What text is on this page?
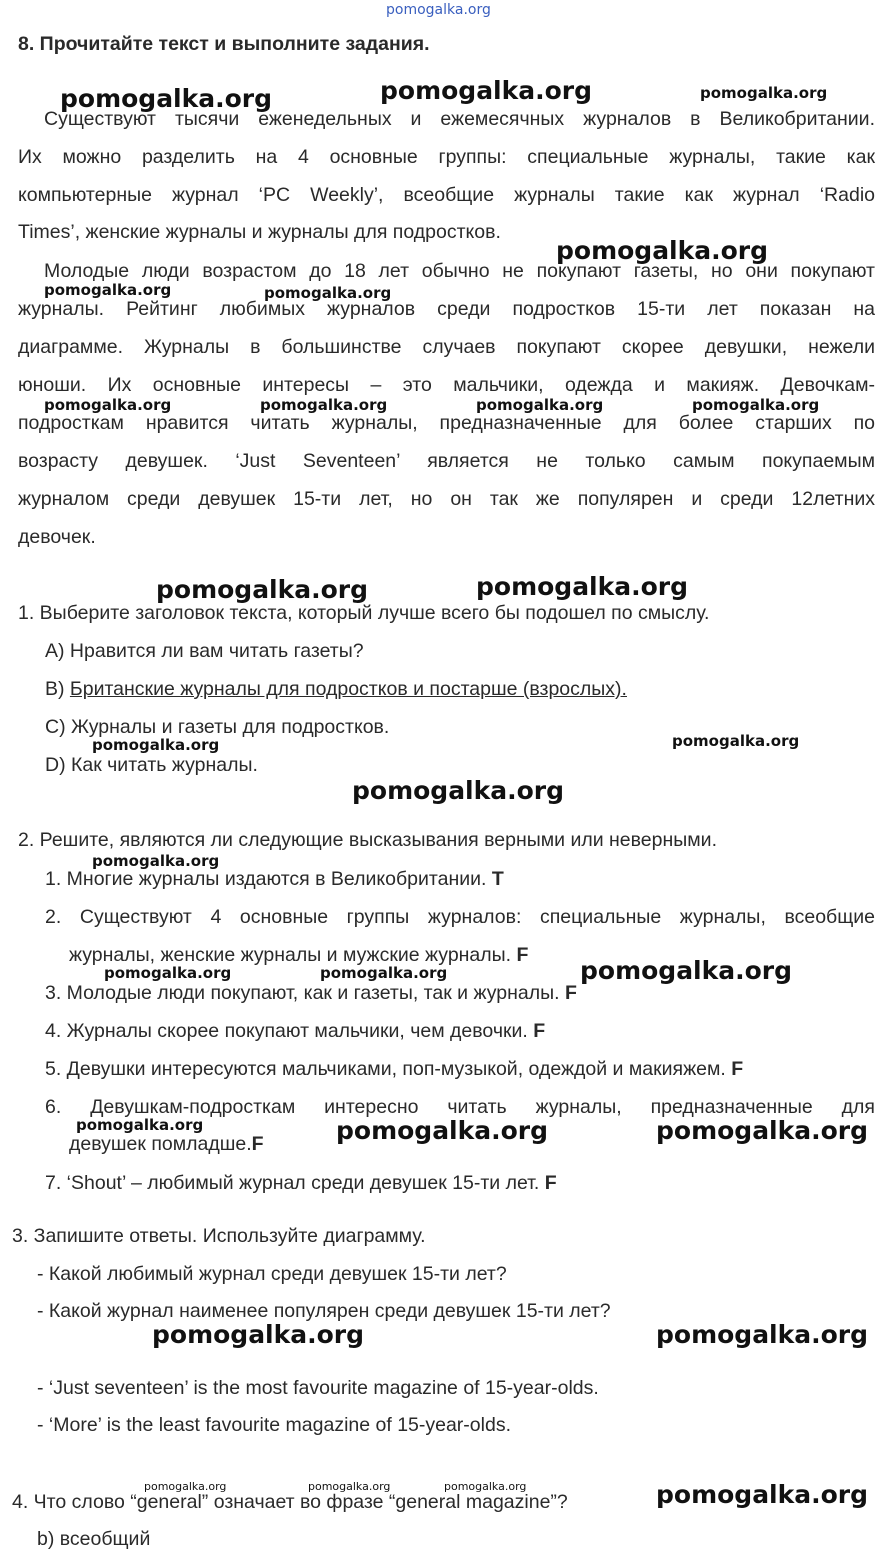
pomogalka.org
8. Прочитайте текст и выполните задания.
Существуют тысячи еженедельных и ежемесячных журналов в Великобритании.
Их можно разделить на 4 основные группы: специальные журналы, такие как
компьютерные журнал ‘PC Weekly’, всеобщие журналы такие как журнал ‘Radio
Times’, женские журналы и журналы для подростков.
Молодые люди возрастом до 18 лет обычно не покупают газеты, но они покупают
журналы. Рейтинг любимых журналов среди подростков 15-ти лет показан на
диаграмме. Журналы в большинстве случаев покупают скорее девушки, нежели
юноши. Их основные интересы – это мальчики, одежда и макияж. Девочкам-
подросткам нравится читать журналы, предназначенные для более старших по
возрасту девушек. ‘Just Seventeen’ является не только самым покупаемым
журналом среди девушек 15-ти лет, но он так же популярен и среди 12летних
девочек.
1. Выберите заголовок текста, который лучше всего бы подошел по смыслу.
A) Нравится ли вам читать газеты?
B) Британские журналы для подростков и постарше (взрослых).
C) Журналы и газеты для подростков.
D) Как читать журналы.
2. Решите, являются ли следующие высказывания верными или неверными.
1. Многие журналы издаются в Великобритании. T
2. Существуют 4 основные группы журналов: специальные журналы, всеобщие
журналы, женские журналы и мужские журналы. F
3. Молодые люди покупают, как и газеты, так и журналы. F
4. Журналы скорее покупают мальчики, чем девочки. F
5. Девушки интересуются мальчиками, поп-музыкой, одеждой и макияжем. F
6. Девушкам-подросткам интересно читать журналы, предназначенные для
девушек помладше.F
7. ‘Shout’ – любимый журнал среди девушек 15-ти лет. F
3. Запишите ответы. Используйте диаграмму.
- Какой любимый журнал среди девушек 15-ти лет?
- Какой журнал наименее популярен среди девушек 15-ти лет?
- ‘Just seventeen’ is the most favourite magazine of 15-year-olds.
- ‘More’ is the least favourite magazine of 15-year-olds.
4. Что слово “general” означает во фразе “general magazine”?
b) всеобщий
pomogalka.org	pomogalka.org	pomogalka.org
pomogalka.org
pomogalka.org	pomogalka.org
pomogalka.org	pomogalka.org	pomogalka.org	pomogalka.org
pomogalka.org	pomogalka.org
pomogalka.org	pomogalka.org
pomogalka.org
pomogalka.org
pomogalka.org	pomogalka.org	pomogalka.org
pomogalka.org	pomogalka.org	pomogalka.org
pomogalka.org	pomogalka.org
pomogalka.org	pomogalka.org	pomogalka.org	pomogalka.org
